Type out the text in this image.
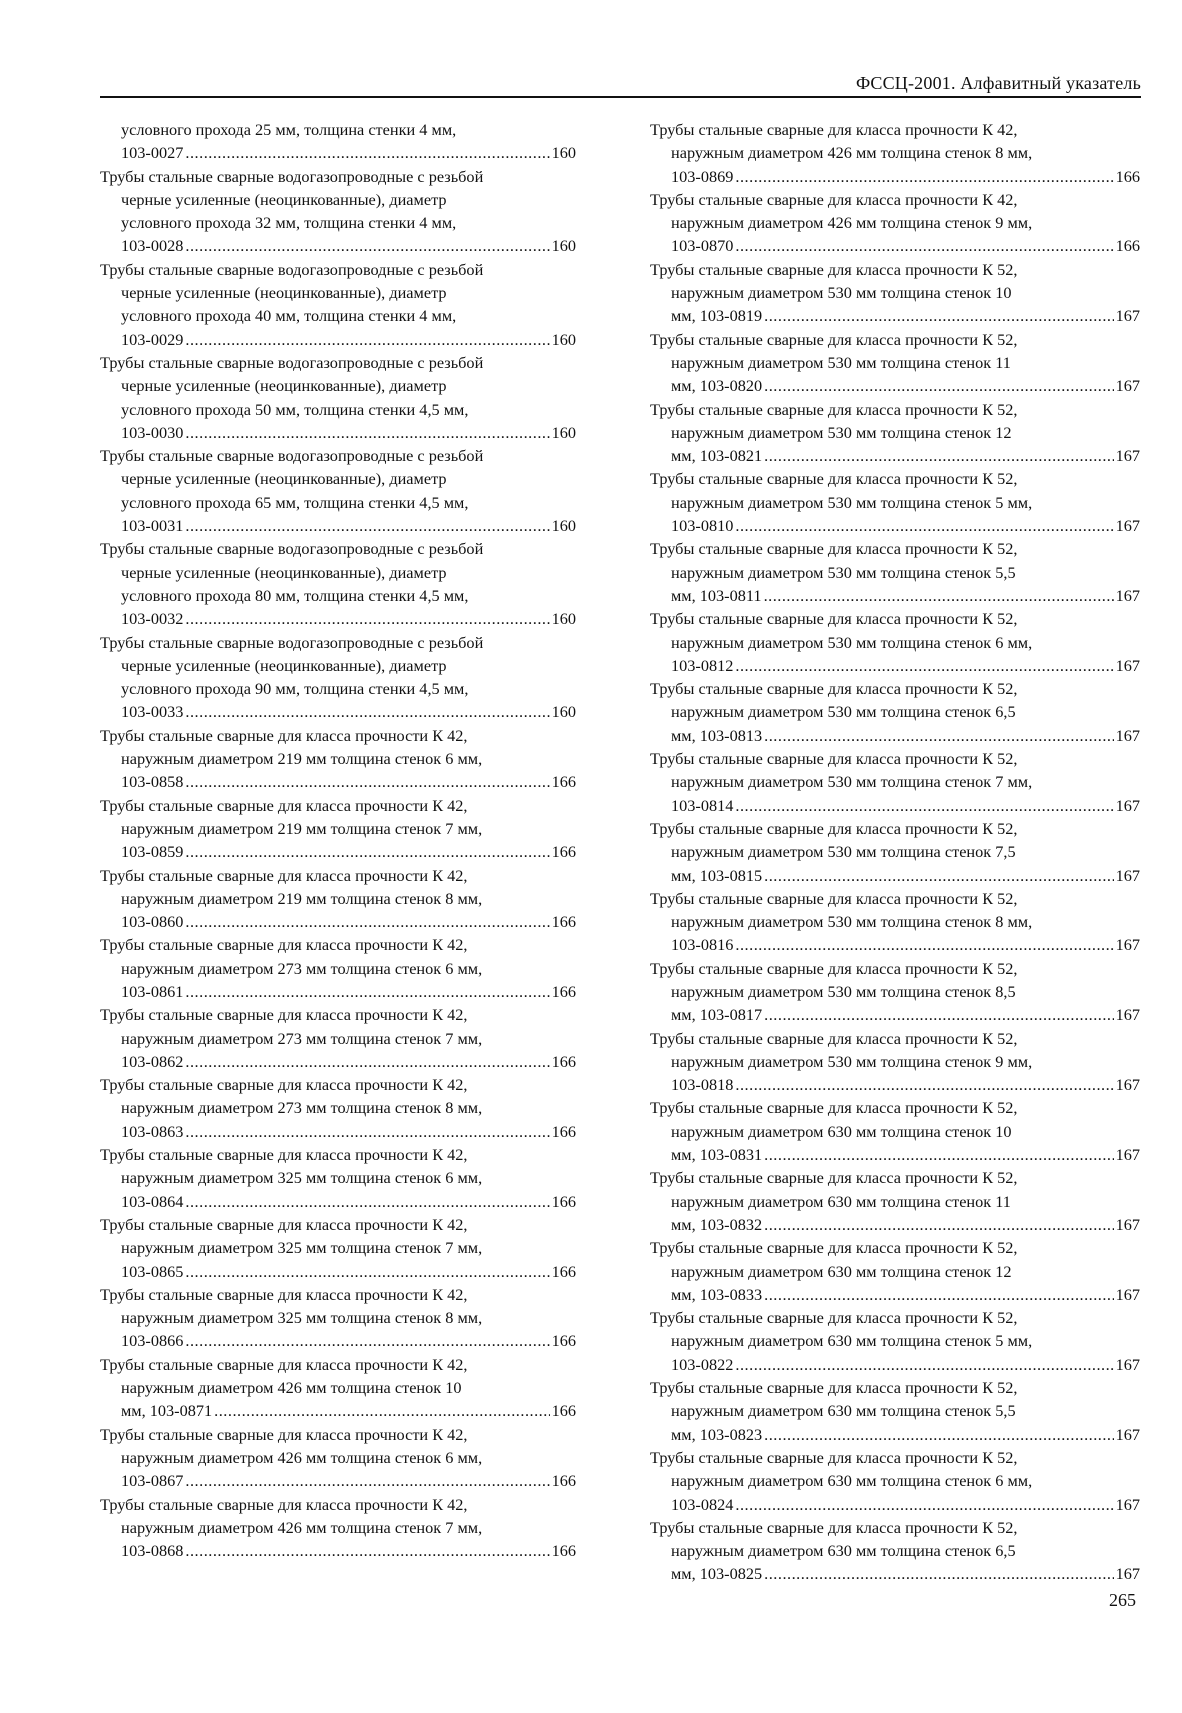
ФССЦ-2001. Алфавитный указатель
условного прохода 25 мм, толщина стенки 4 мм,
103-0027 .....	160
Трубы стальные сварные водогазопроводные с резьбой
черные усиленные (неоцинкованные), диаметр
условного прохода 32 мм, толщина стенки 4 мм,
103-0028 .....	160
Трубы стальные сварные водогазопроводные с резьбой
черные усиленные (неоцинкованные), диаметр
условного прохода 40 мм, толщина стенки 4 мм,
103-0029 .....	160
Трубы стальные сварные водогазопроводные с резьбой
черные усиленные (неоцинкованные), диаметр
условного прохода 50 мм, толщина стенки 4,5 мм,
103-0030 .....	160
Трубы стальные сварные водогазопроводные с резьбой
черные усиленные (неоцинкованные), диаметр
условного прохода 65 мм, толщина стенки 4,5 мм,
103-0031 .....	160
Трубы стальные сварные водогазопроводные с резьбой
черные усиленные (неоцинкованные), диаметр
условного прохода 80 мм, толщина стенки 4,5 мм,
103-0032 .....	160
Трубы стальные сварные водогазопроводные с резьбой
черные усиленные (неоцинкованные), диаметр
условного прохода 90 мм, толщина стенки 4,5 мм,
103-0033 .....	160
Трубы стальные сварные для класса прочности К 42,
наружным диаметром 219 мм толщина стенок 6 мм,
103-0858 .....	166
Трубы стальные сварные для класса прочности К 42,
наружным диаметром 219 мм толщина стенок 7 мм,
103-0859 .....	166
Трубы стальные сварные для класса прочности К 42,
наружным диаметром 219 мм толщина стенок 8 мм,
103-0860 .....	166
Трубы стальные сварные для класса прочности К 42,
наружным диаметром 273 мм толщина стенок 6 мм,
103-0861 .....	166
Трубы стальные сварные для класса прочности К 42,
наружным диаметром 273 мм толщина стенок 7 мм,
103-0862 .....	166
Трубы стальные сварные для класса прочности К 42,
наружным диаметром 273 мм толщина стенок 8 мм,
103-0863 .....	166
Трубы стальные сварные для класса прочности К 42,
наружным диаметром 325 мм толщина стенок 6 мм,
103-0864 .....	166
Трубы стальные сварные для класса прочности К 42,
наружным диаметром 325 мм толщина стенок 7 мм,
103-0865 .....	166
Трубы стальные сварные для класса прочности К 42,
наружным диаметром 325 мм толщина стенок 8 мм,
103-0866 .....	166
Трубы стальные сварные для класса прочности К 42,
наружным диаметром 426 мм толщина стенок 10
мм, 103-0871 .....	166
Трубы стальные сварные для класса прочности К 42,
наружным диаметром 426 мм толщина стенок 6 мм,
103-0867 .....	166
Трубы стальные сварные для класса прочности К 42,
наружным диаметром 426 мм толщина стенок 7 мм,
103-0868 .....	166
Трубы стальные сварные для класса прочности К 42,
наружным диаметром 426 мм толщина стенок 8 мм,
103-0869 .....	166
Трубы стальные сварные для класса прочности К 42,
наружным диаметром 426 мм толщина стенок 9 мм,
103-0870 .....	166
Трубы стальные сварные для класса прочности К 52,
наружным диаметром 530 мм толщина стенок 10
мм, 103-0819 .....	167
Трубы стальные сварные для класса прочности К 52,
наружным диаметром 530 мм толщина стенок 11
мм, 103-0820 .....	167
Трубы стальные сварные для класса прочности К 52,
наружным диаметром 530 мм толщина стенок 12
мм, 103-0821 .....	167
Трубы стальные сварные для класса прочности К 52,
наружным диаметром 530 мм толщина стенок 5 мм,
103-0810 .....	167
Трубы стальные сварные для класса прочности К 52,
наружным диаметром 530 мм толщина стенок 5,5
мм, 103-0811 .....	167
Трубы стальные сварные для класса прочности К 52,
наружным диаметром 530 мм толщина стенок 6 мм,
103-0812 .....	167
Трубы стальные сварные для класса прочности К 52,
наружным диаметром 530 мм толщина стенок 6,5
мм, 103-0813 .....	167
Трубы стальные сварные для класса прочности К 52,
наружным диаметром 530 мм толщина стенок 7 мм,
103-0814 .....	167
Трубы стальные сварные для класса прочности К 52,
наружным диаметром 530 мм толщина стенок 7,5
мм, 103-0815 .....	167
Трубы стальные сварные для класса прочности К 52,
наружным диаметром 530 мм толщина стенок 8 мм,
103-0816 .....	167
Трубы стальные сварные для класса прочности К 52,
наружным диаметром 530 мм толщина стенок 8,5
мм, 103-0817 .....	167
Трубы стальные сварные для класса прочности К 52,
наружным диаметром 530 мм толщина стенок 9 мм,
103-0818 .....	167
Трубы стальные сварные для класса прочности К 52,
наружным диаметром 630 мм толщина стенок 10
мм, 103-0831 .....	167
Трубы стальные сварные для класса прочности К 52,
наружным диаметром 630 мм толщина стенок 11
мм, 103-0832 .....	167
Трубы стальные сварные для класса прочности К 52,
наружным диаметром 630 мм толщина стенок 12
мм, 103-0833 .....	167
Трубы стальные сварные для класса прочности К 52,
наружным диаметром 630 мм толщина стенок 5 мм,
103-0822 .....	167
Трубы стальные сварные для класса прочности К 52,
наружным диаметром 630 мм толщина стенок 5,5
мм, 103-0823 .....	167
Трубы стальные сварные для класса прочности К 52,
наружным диаметром 630 мм толщина стенок 6 мм,
103-0824 .....	167
Трубы стальные сварные для класса прочности К 52,
наружным диаметром 630 мм толщина стенок 6,5
мм, 103-0825 .....	167
265
